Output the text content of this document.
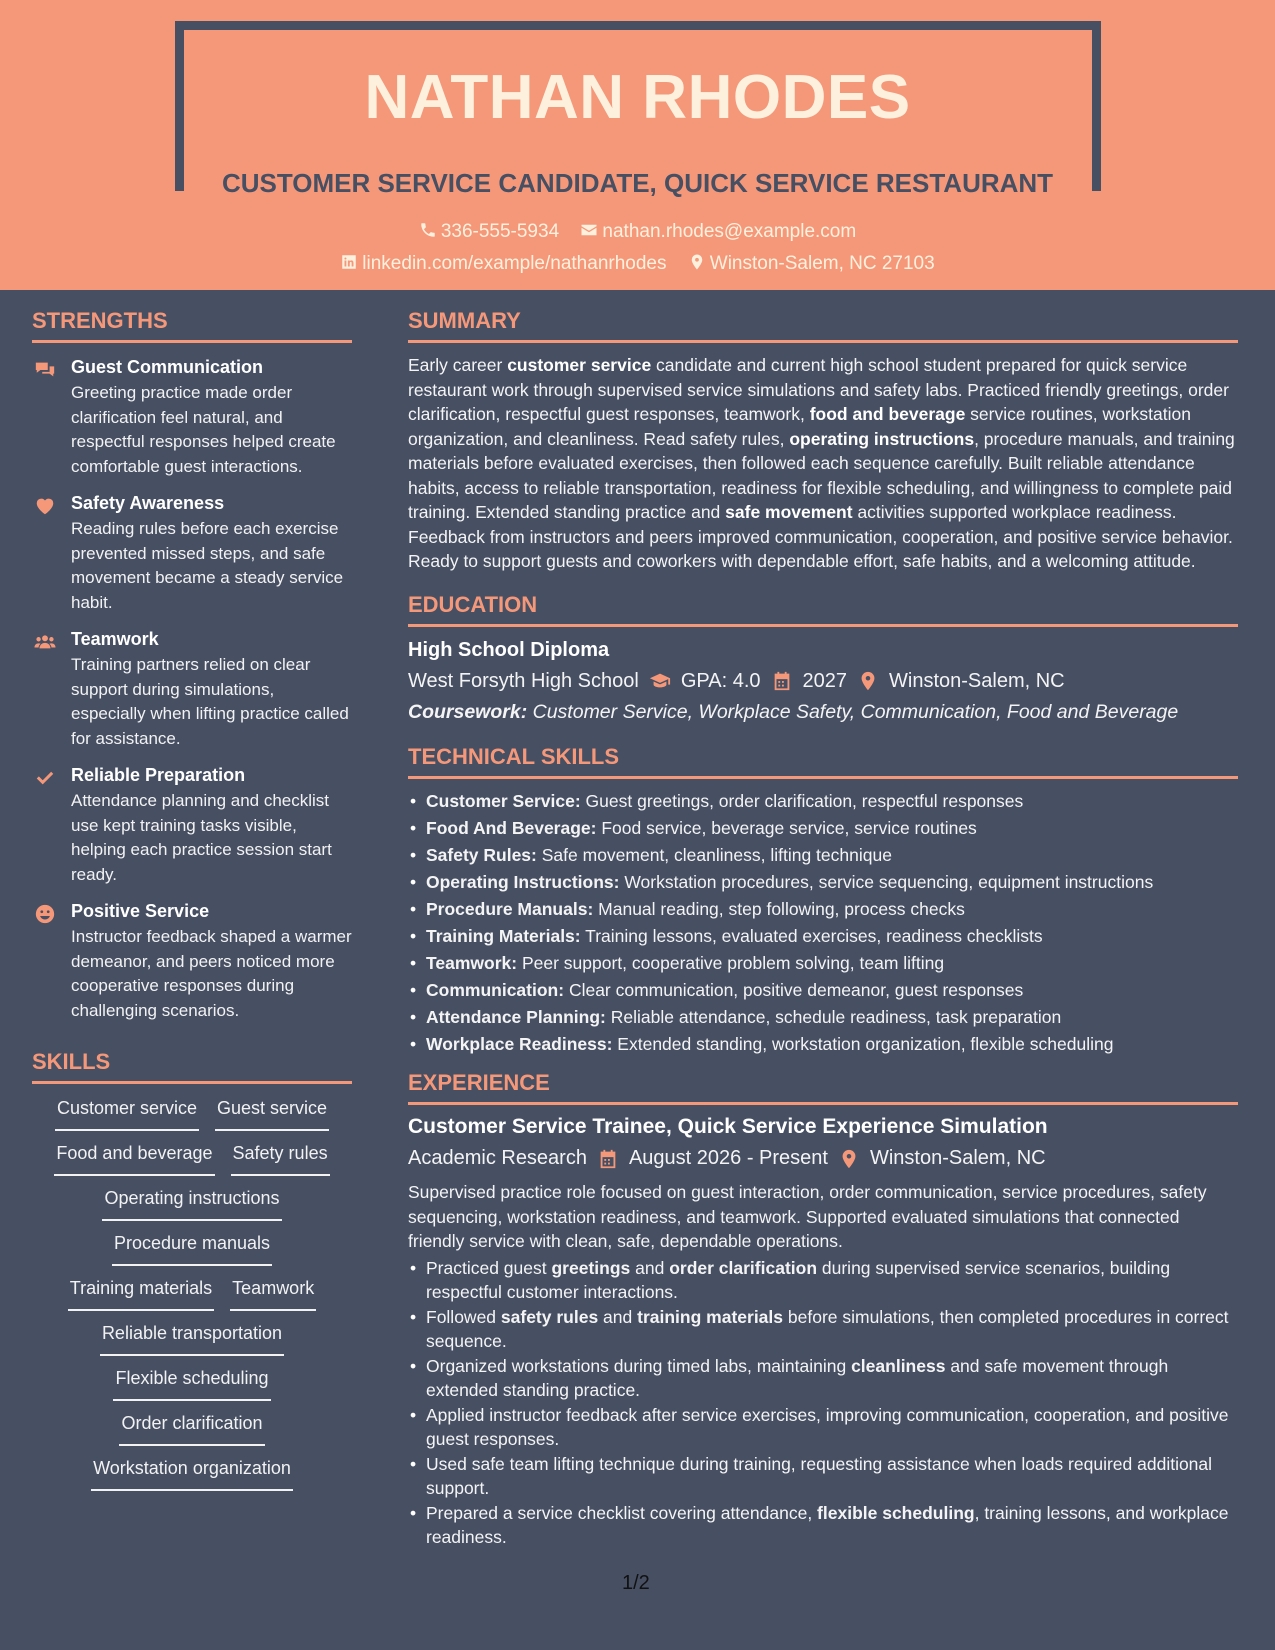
NATHAN RHODES
CUSTOMER SERVICE CANDIDATE, QUICK SERVICE RESTAURANT
336-555-5934 nathan.rhodes@example.com
linkedin.com/example/nathanrhodes Winston-Salem, NC 27103
STRENGTHS
Guest Communication
Greeting practice made order clarification feel natural, and respectful responses helped create comfortable guest interactions.
Safety Awareness
Reading rules before each exercise prevented missed steps, and safe movement became a steady service habit.
Teamwork
Training partners relied on clear support during simulations, especially when lifting practice called for assistance.
Reliable Preparation
Attendance planning and checklist use kept training tasks visible, helping each practice session start ready.
Positive Service
Instructor feedback shaped a warmer demeanor, and peers noticed more cooperative responses during challenging scenarios.
SKILLS
Customer service Guest service
Food and beverage Safety rules
Operating instructions
Procedure manuals
Training materials Teamwork
Reliable transportation
Flexible scheduling
Order clarification
Workstation organization
SUMMARY
Early career customer service candidate and current high school student prepared for quick service restaurant work through supervised service simulations and safety labs. Practiced friendly greetings, order clarification, respectful guest responses, teamwork, food and beverage service routines, workstation organization, and cleanliness. Read safety rules, operating instructions, procedure manuals, and training materials before evaluated exercises, then followed each sequence carefully. Built reliable attendance habits, access to reliable transportation, readiness for flexible scheduling, and willingness to complete paid training. Extended standing practice and safe movement activities supported workplace readiness. Feedback from instructors and peers improved communication, cooperation, and positive service behavior. Ready to support guests and coworkers with dependable effort, safe habits, and a welcoming attitude.
EDUCATION
High School Diploma
West Forsyth High School GPA: 4.0 2027 Winston-Salem, NC
Coursework: Customer Service, Workplace Safety, Communication, Food and Beverage
TECHNICAL SKILLS
• Customer Service: Guest greetings, order clarification, respectful responses
• Food And Beverage: Food service, beverage service, service routines
• Safety Rules: Safe movement, cleanliness, lifting technique
• Operating Instructions: Workstation procedures, service sequencing, equipment instructions
• Procedure Manuals: Manual reading, step following, process checks
• Training Materials: Training lessons, evaluated exercises, readiness checklists
• Teamwork: Peer support, cooperative problem solving, team lifting
• Communication: Clear communication, positive demeanor, guest responses
• Attendance Planning: Reliable attendance, schedule readiness, task preparation
• Workplace Readiness: Extended standing, workstation organization, flexible scheduling
EXPERIENCE
Customer Service Trainee, Quick Service Experience Simulation
Academic Research August 2026 - Present Winston-Salem, NC
Supervised practice role focused on guest interaction, order communication, service procedures, safety sequencing, workstation readiness, and teamwork. Supported evaluated simulations that connected friendly service with clean, safe, dependable operations.
• Practiced guest greetings and order clarification during supervised service scenarios, building respectful customer interactions.
• Followed safety rules and training materials before simulations, then completed procedures in correct sequence.
• Organized workstations during timed labs, maintaining cleanliness and safe movement through extended standing practice.
• Applied instructor feedback after service exercises, improving communication, cooperation, and positive guest responses.
• Used safe team lifting technique during training, requesting assistance when loads required additional support.
• Prepared a service checklist covering attendance, flexible scheduling, training lessons, and workplace readiness.
1/2
